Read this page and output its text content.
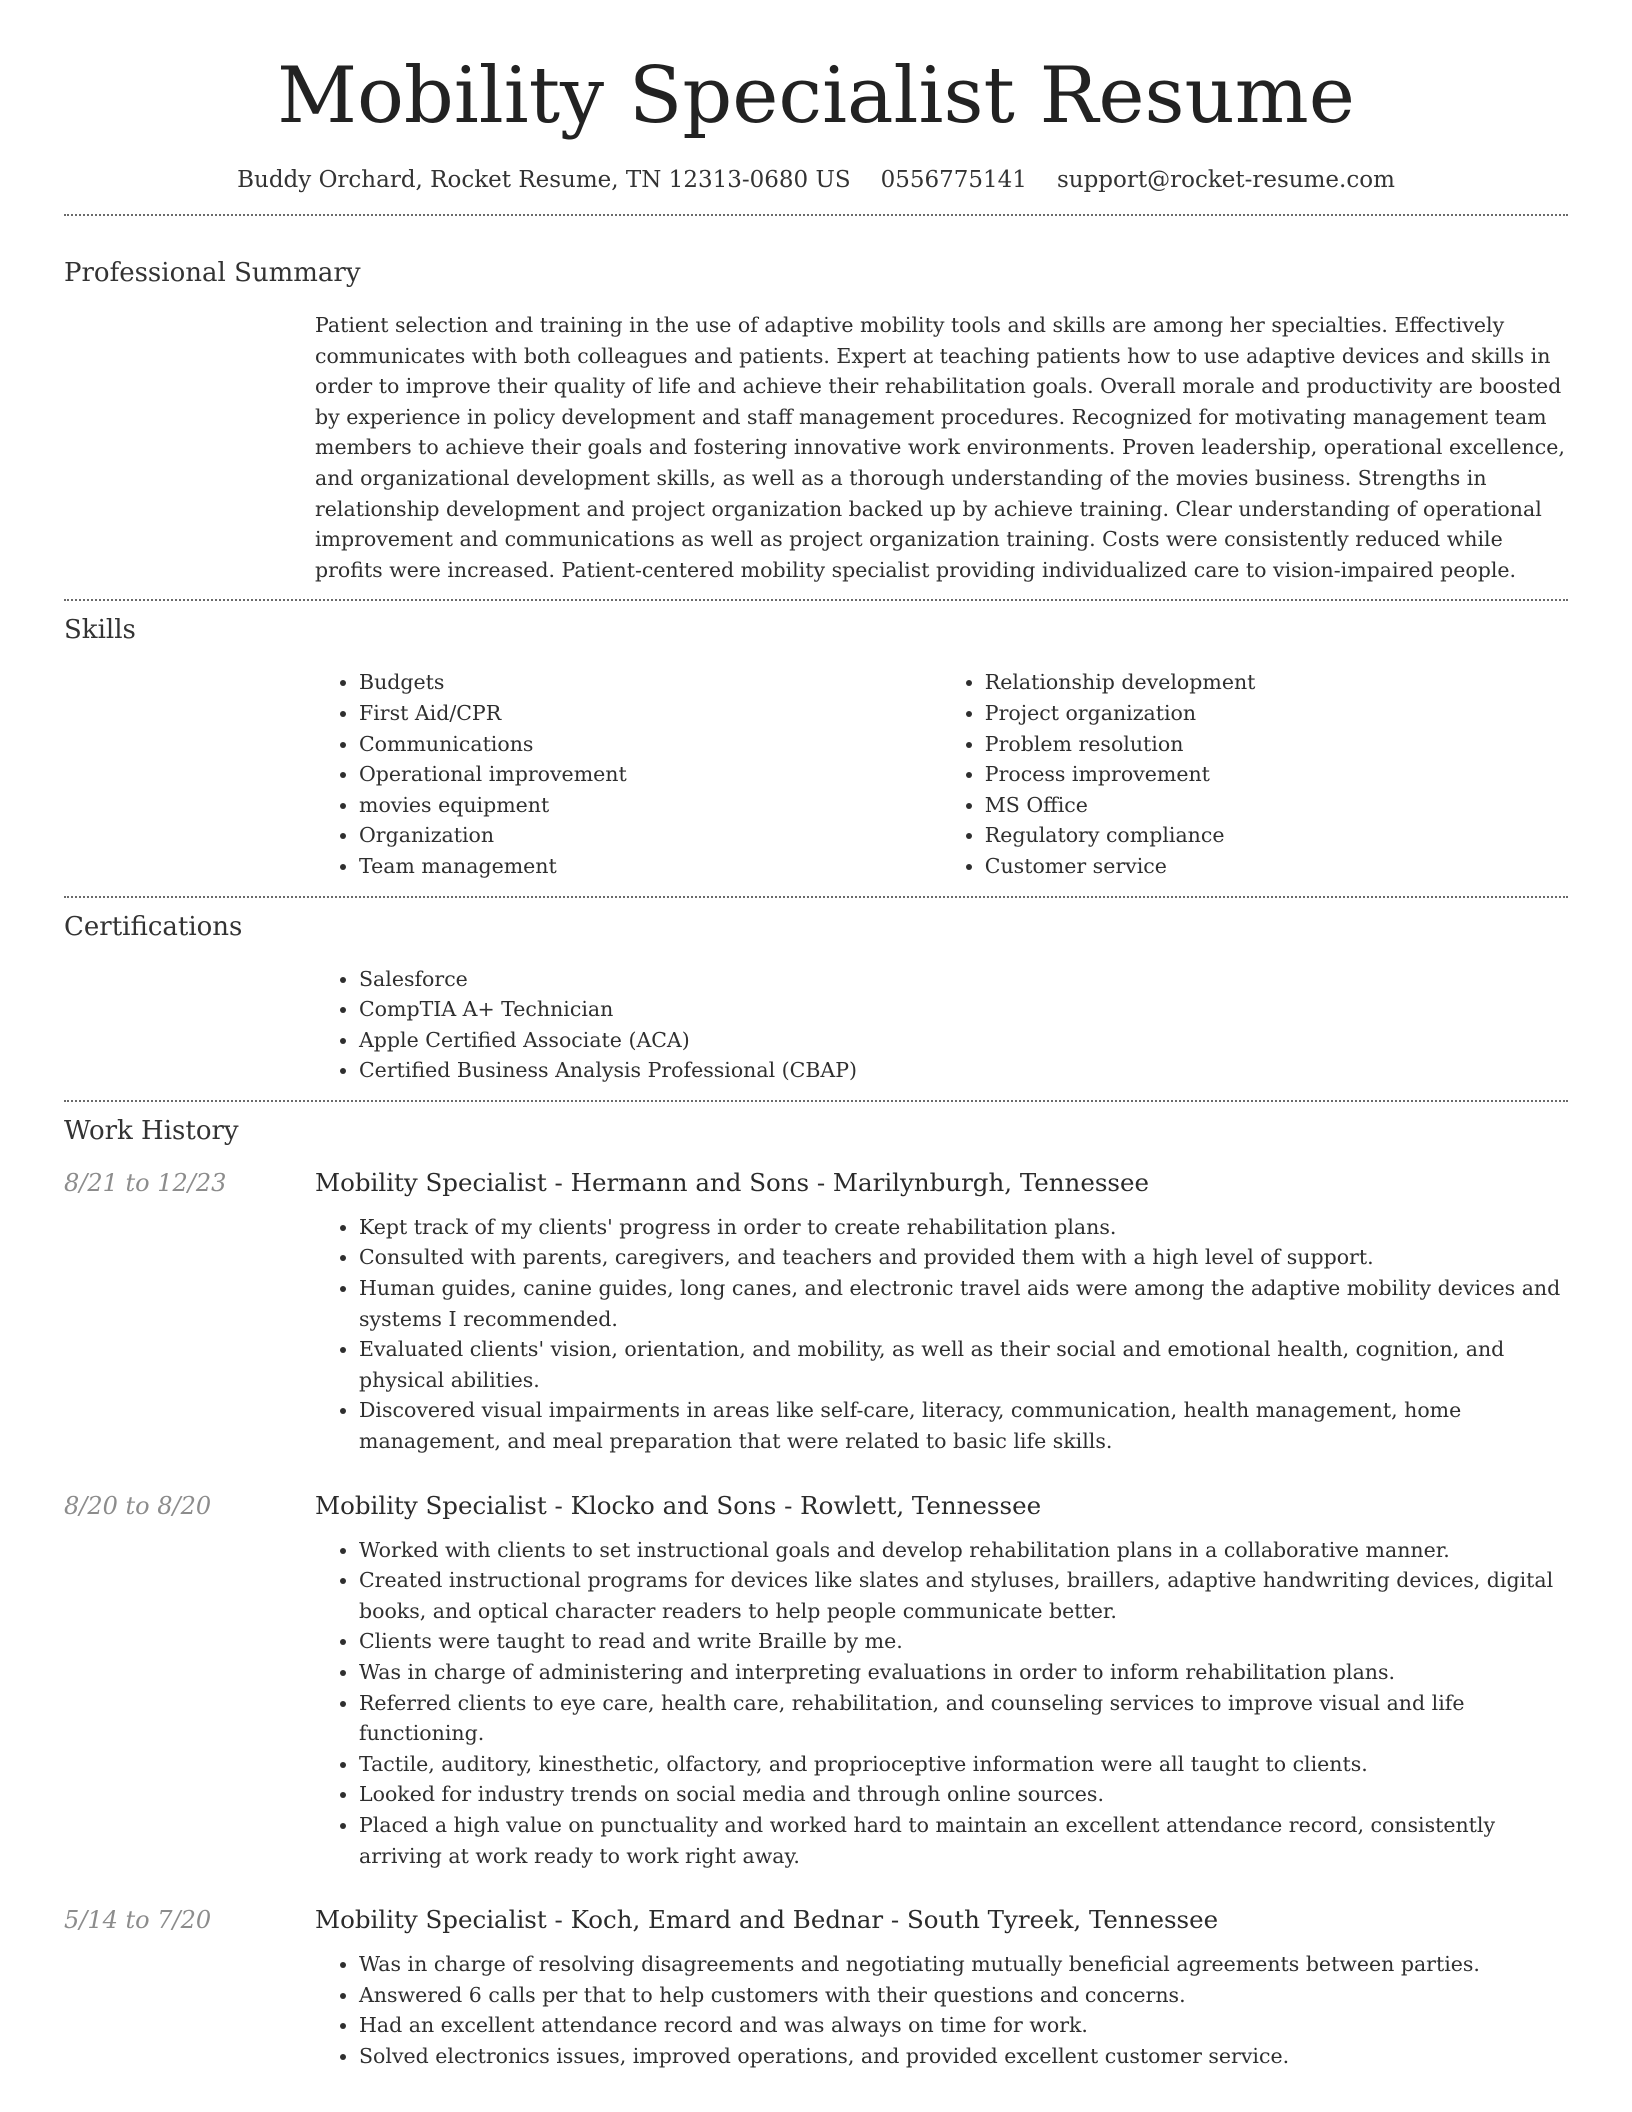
Mobility Specialist Resume
Buddy Orchard, Rocket Resume, TN 12313-0680 US 0556775141 support@rocket-resume.com
Professional Summary
Patient selection and training in the use of adaptive mobility tools and skills are among her specialties. Effectively communicates with both colleagues and patients. Expert at teaching patients how to use adaptive devices and skills in order to improve their quality of life and achieve their rehabilitation goals. Overall morale and productivity are boosted by experience in policy development and staff management procedures. Recognized for motivating management team members to achieve their goals and fostering innovative work environments. Proven leadership, operational excellence, and organizational development skills, as well as a thorough understanding of the movies business. Strengths in relationship development and project organization backed up by achieve training. Clear understanding of operational improvement and communications as well as project organization training. Costs were consistently reduced while profits were increased. Patient-centered mobility specialist providing individualized care to vision-impaired people.
Skills
• Budgets
• First Aid/CPR
• Communications
• Operational improvement
• movies equipment
• Organization
• Team management
• Relationship development
• Project organization
• Problem resolution
• Process improvement
• MS Office
• Regulatory compliance
• Customer service
Certifications
• Salesforce
• CompTIA A+ Technician
• Apple Certified Associate (ACA)
• Certified Business Analysis Professional (CBAP)
Work History
8/21 to 12/23	Mobility Specialist - Hermann and Sons - Marilynburgh, Tennessee
• Kept track of my clients' progress in order to create rehabilitation plans.
• Consulted with parents, caregivers, and teachers and provided them with a high level of support.
• Human guides, canine guides, long canes, and electronic travel aids were among the adaptive mobility devices and systems I recommended.
• Evaluated clients' vision, orientation, and mobility, as well as their social and emotional health, cognition, and physical abilities.
• Discovered visual impairments in areas like self-care, literacy, communication, health management, home management, and meal preparation that were related to basic life skills.
8/20 to 8/20	Mobility Specialist - Klocko and Sons - Rowlett, Tennessee
• Worked with clients to set instructional goals and develop rehabilitation plans in a collaborative manner.
• Created instructional programs for devices like slates and styluses, braillers, adaptive handwriting devices, digital books, and optical character readers to help people communicate better.
• Clients were taught to read and write Braille by me.
• Was in charge of administering and interpreting evaluations in order to inform rehabilitation plans.
• Referred clients to eye care, health care, rehabilitation, and counseling services to improve visual and life functioning.
• Tactile, auditory, kinesthetic, olfactory, and proprioceptive information were all taught to clients.
• Looked for industry trends on social media and through online sources.
• Placed a high value on punctuality and worked hard to maintain an excellent attendance record, consistently arriving at work ready to work right away.
5/14 to 7/20	Mobility Specialist - Koch, Emard and Bednar - South Tyreek, Tennessee
• Was in charge of resolving disagreements and negotiating mutually beneficial agreements between parties.
• Answered 6 calls per that to help customers with their questions and concerns.
• Had an excellent attendance record and was always on time for work.
• Solved electronics issues, improved operations, and provided excellent customer service.
